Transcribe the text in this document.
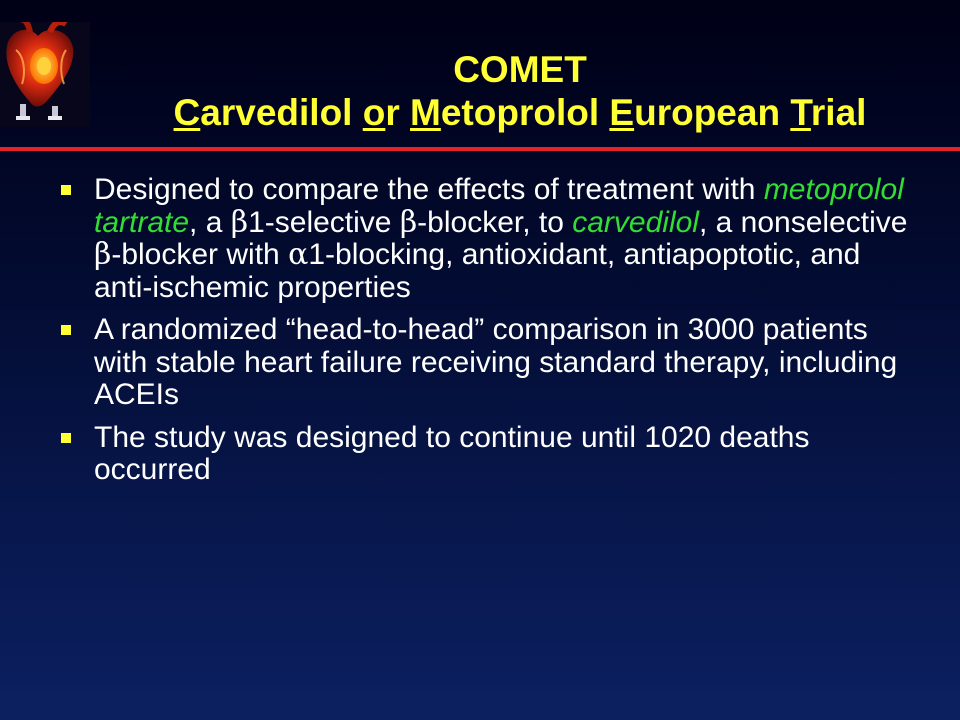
COMET
Carvedilol or Metoprolol European Trial
Designed to compare the effects of treatment with metoprolol tartrate, a β1-selective β-blocker, to carvedilol, a nonselective β-blocker with α1-blocking, antioxidant, antiapoptotic, and anti-ischemic properties
A randomized “head-to-head” comparison in 3000 patients with stable heart failure receiving standard therapy, including ACEIs
The study was designed to continue until 1020 deaths occurred
